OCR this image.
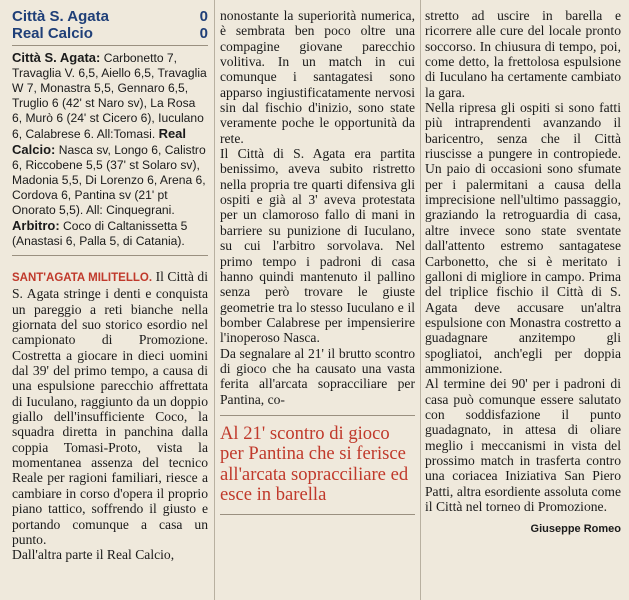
Città S. Agata	0
Real Calcio	0
Città S. Agata: Carbonetto 7, Travaglia V. 6,5, Aiello 6,5, Travaglia W 7, Monastra 5,5, Gennaro 6,5, Truglio 6 (42' st Naro sv), La Rosa 6, Murò 6 (24' st Cicero 6), Iuculano 6, Calabrese 6. All:Tomasi. Real Calcio: Nasca sv, Longo 6, Calistro 6, Riccobene 5,5 (37' st Solaro sv), Madonia 5,5, Di Lorenzo 6, Arena 6, Cordova 6, Pantina sv (21' pt Onorato 5,5). All: Cinquegrani. Arbitro: Coco di Caltanissetta 5 (Anastasi 6, Palla 5, di Catania).

SANT'AGATA MILITELLO. Il Città di S. Agata stringe i denti e conquista un pareggio a reti bianche nella giornata del suo storico esordio nel campionato di Promozione. Costretta a giocare in dieci uomini dal 39' del primo tempo, a causa di una espulsione parecchio affrettata di Iuculano, raggiunto da un doppio giallo dell'insufficiente Coco, la squadra diretta in panchina dalla coppia Tomasi-Proto, vista la momentanea assenza del tecnico Reale per ragioni familiari, riesce a cambiare in corso d'opera il proprio piano tattico, soffrendo il giusto e portando comunque a casa un punto.

Dall'altra parte il Real Calcio,

nonostante la superiorità numerica, è sembrata ben poco oltre una compagine giovane parecchio volitiva. In un match in cui comunque i santagatesi sono apparso ingiustificatamente nervosi sin dal fischio d'inizio, sono state veramente poche le opportunità da rete.

Il Città di S. Agata era partita benissimo, aveva subito ristretto nella propria tre quarti difensiva gli ospiti e già al 3' aveva protestata per un clamoroso fallo di mani in barriere su punizione di Iuculano, su cui l'arbitro sorvolava. Nel primo tempo i padroni di casa hanno quindi mantenuto il pallino senza però trovare le giuste geometrie tra lo stesso Iuculano e il bomber Calabrese per impensierire l'inoperoso Nasca.

Da segnalare al 21' il brutto scontro di gioco che ha causato una vasta ferita all'arcata sopracciliare per Pantina, co-

Al 21' scontro di gioco per Pantina che si ferisce all'arcata sopracciliare ed esce in barella

stretto ad uscire in barella e ricorrere alle cure del locale pronto soccorso. In chiusura di tempo, poi, come detto, la frettolosa espulsione di Iuculano ha certamente cambiato la gara.

Nella ripresa gli ospiti si sono fatti più intraprendenti avanzando il baricentro, senza che il Città riuscisse a pungere in contropiede. Un paio di occasioni sono sfumate per i palermitani a causa della imprecisione nell'ultimo passaggio, graziando la retroguardia di casa, altre invece sono state sventate dall'attento estremo santagatese Carbonetto, che si è meritato i galloni di migliore in campo. Prima del triplice fischio il Città di S. Agata deve accusare un'altra espulsione con Monastra costretto a guadagnare anzitempo gli spogliatoi, anch'egli per doppia ammonizione.

Al termine dei 90' per i padroni di casa può comunque essere salutato con soddisfazione il punto guadagnato, in attesa di oliare meglio i meccanismi in vista del prossimo match in trasferta contro una coriacea Iniziativa San Piero Patti, altra esordiente assoluta come il Città nel torneo di Promozione.

Giuseppe Romeo
